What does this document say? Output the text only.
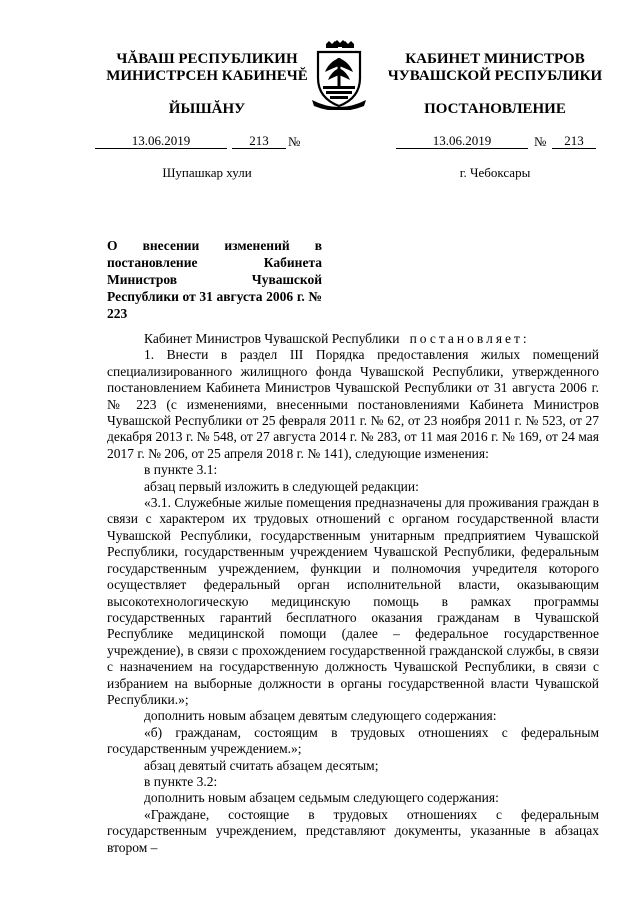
ЧĂВАШ РЕСПУБЛИКИН
МИНИСТРСЕН КАБИНЕЧĔ
ЙЫШĂНУ
КАБИНЕТ МИНИСТРОВ
ЧУВАШСКОЙ РЕСПУБЛИКИ
ПОСТАНОВЛЕНИЕ
13.06.2019	213	№
Шупашкар хули
13.06.2019	№	213
г. Чебоксары
О внесении изменений в постановление Кабинета Министров Чувашской Республики от 31 августа 2006 г. № 223

Кабинет Министров Чувашской Республики постановляет:

1. Внести в раздел III Порядка предоставления жилых помещений специализированного жилищного фонда Чувашской Республики, утвержденного постановлением Кабинета Министров Чувашской Республики от 31 августа 2006 г. № 223 (с изменениями, внесенными постановлениями Кабинета Министров Чувашской Республики от 25 февраля 2011 г. № 62, от 23 ноября 2011 г. № 523, от 27 декабря 2013 г. № 548, от 27 августа 2014 г. № 283, от 11 мая 2016 г. № 169, от 24 мая 2017 г. № 206, от 25 апреля 2018 г. № 141), следующие изменения:

в пункте 3.1:

абзац первый изложить в следующей редакции:

«3.1. Служебные жилые помещения предназначены для проживания граждан в связи с характером их трудовых отношений с органом государственной власти Чувашской Республики, государственным унитарным предприятием Чувашской Республики, государственным учреждением Чувашской Республики, федеральным государственным учреждением, функции и полномочия учредителя которого осуществляет федеральный орган исполнительной власти, оказывающим высокотехнологическую медицинскую помощь в рамках программы государственных гарантий бесплатного оказания гражданам в Чувашской Республике медицинской помощи (далее – федеральное государственное учреждение), в связи с прохождением государственной гражданской службы, в связи с назначением на государственную должность Чувашской Республики, в связи с избранием на выборные должности в органы государственной власти Чувашской Республики.»;

дополнить новым абзацем девятым следующего содержания:

«б) гражданам, состоящим в трудовых отношениях с федеральным государственным учреждением.»;

абзац девятый считать абзацем десятым;

в пункте 3.2:

дополнить новым абзацем седьмым следующего содержания:

«Граждане, состоящие в трудовых отношениях с федеральным государственным учреждением, представляют документы, указанные в абзацах втором –
